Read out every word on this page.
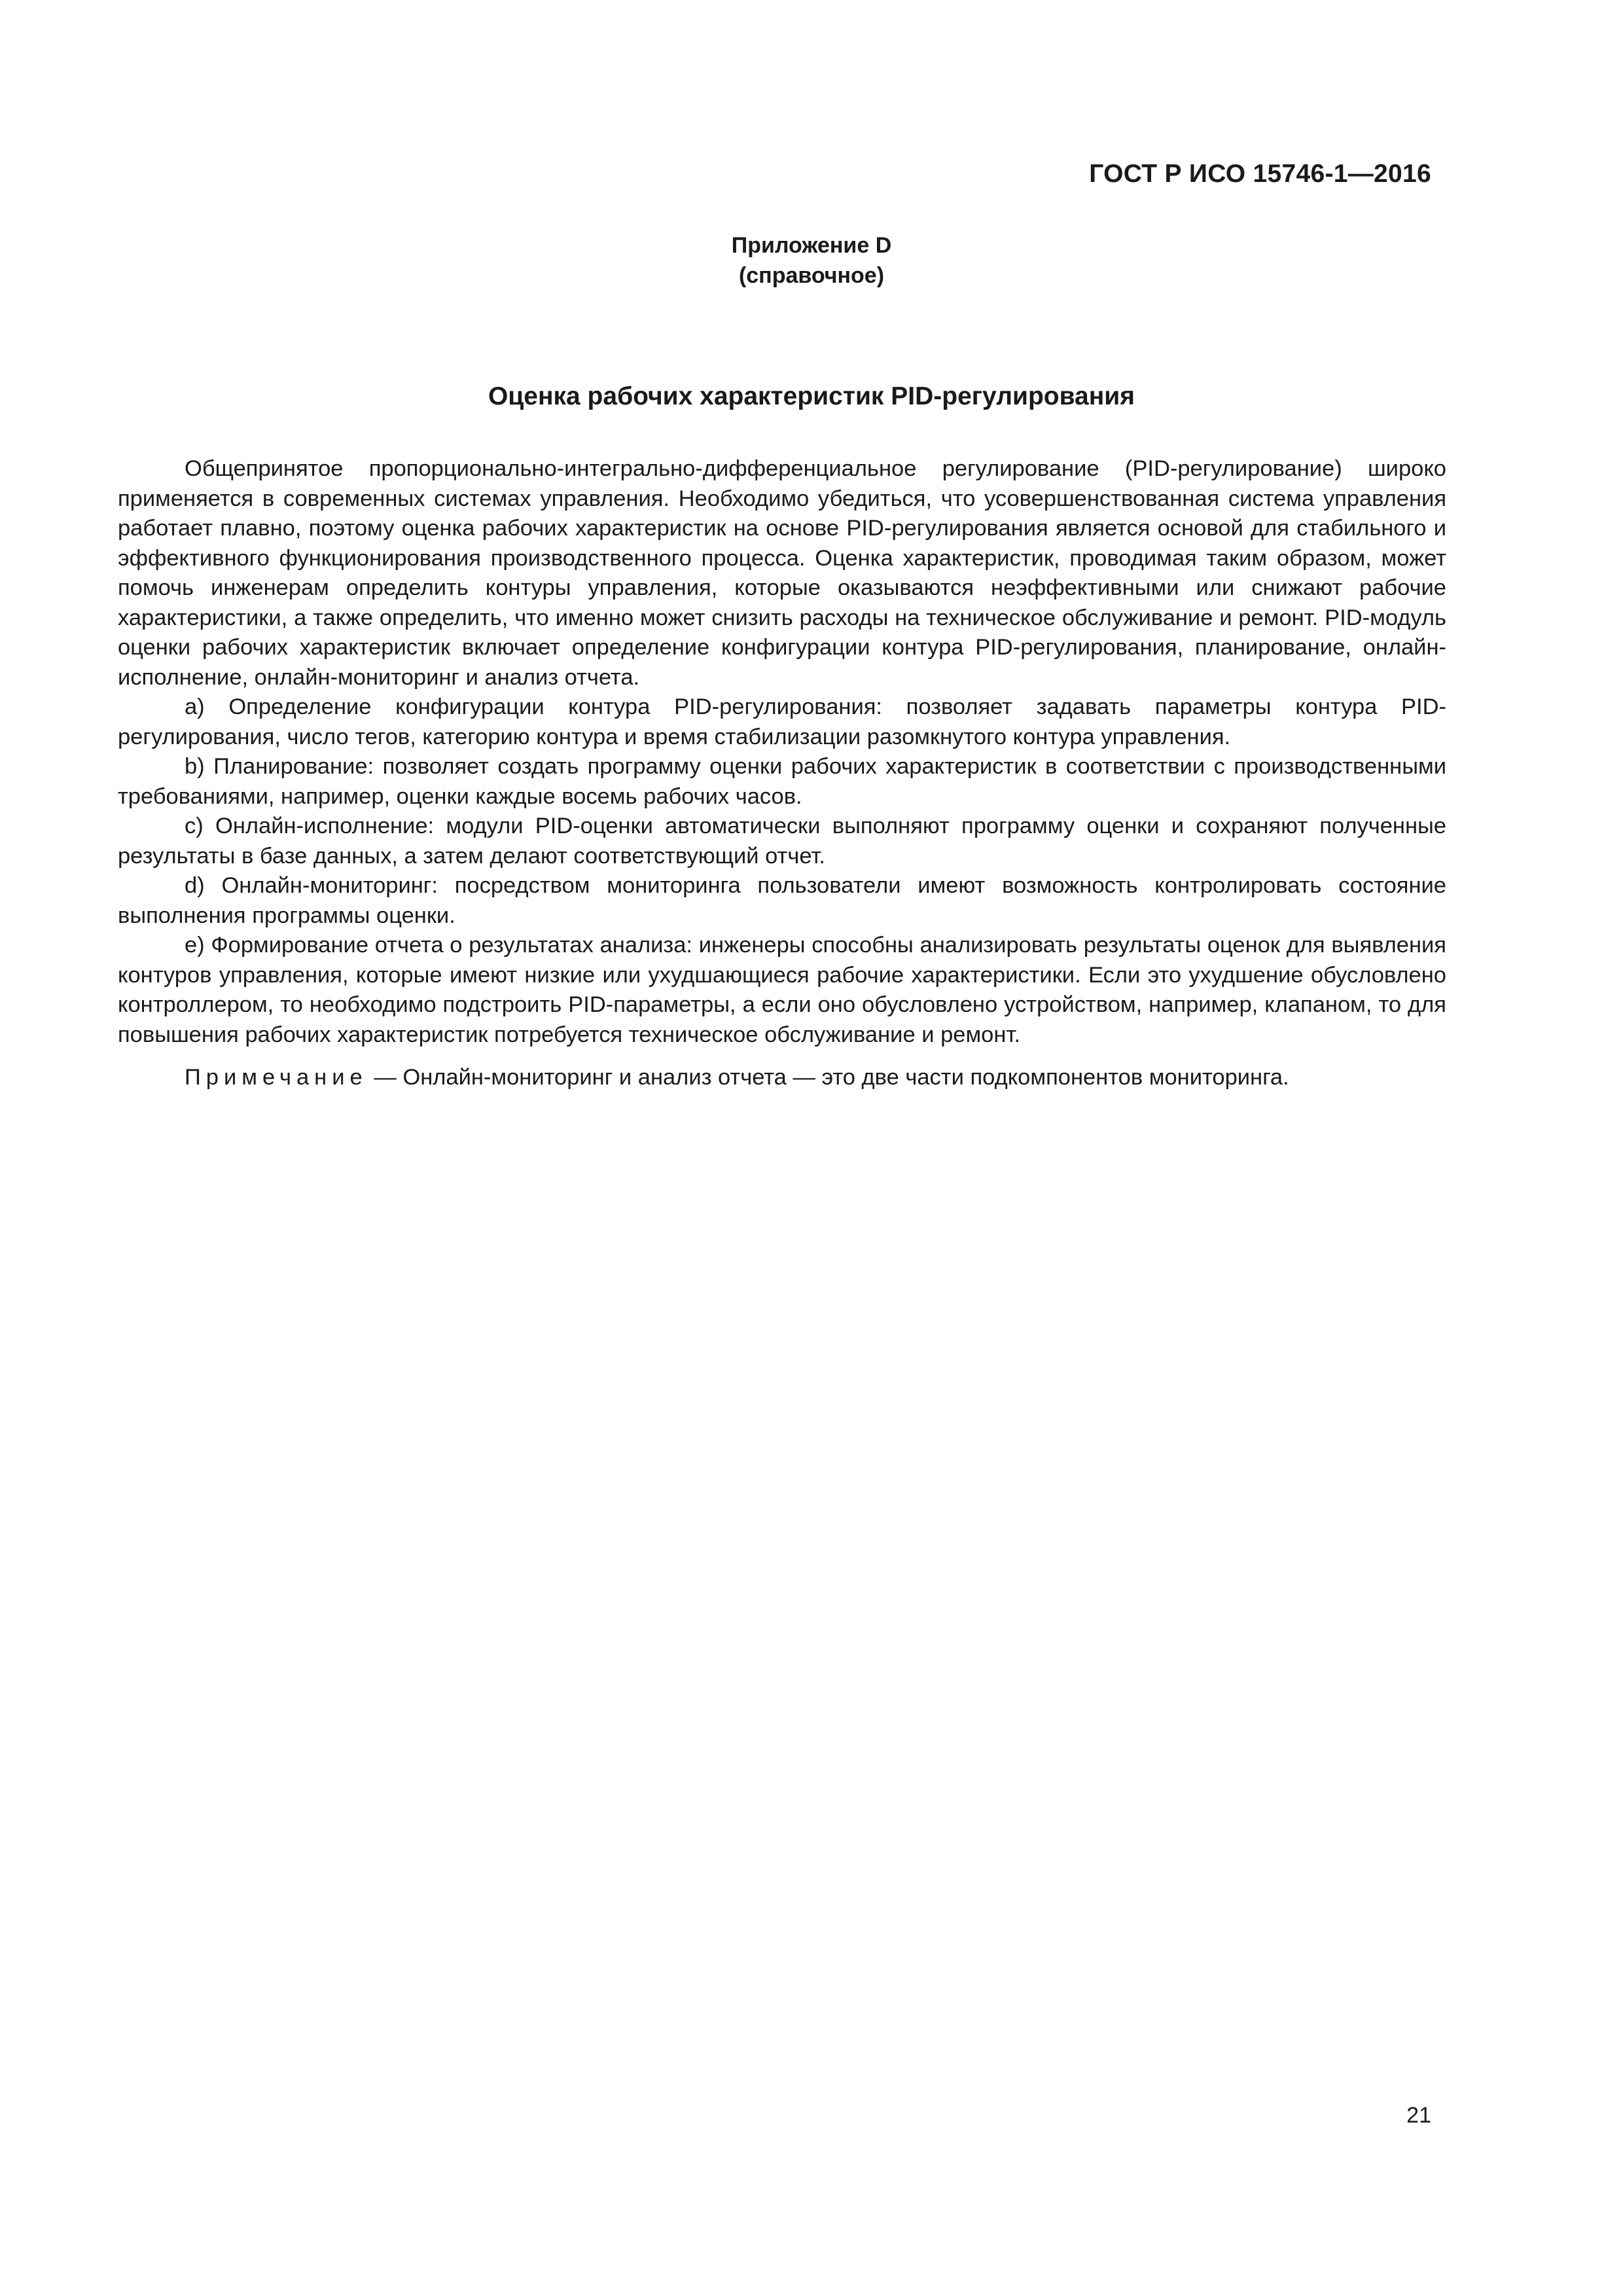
ГОСТ Р ИСО 15746-1—2016
Приложение D
(справочное)
Оценка рабочих характеристик PID-регулирования

Общепринятое пропорционально-интегрально-дифференциальное регулирование (PID-регулирование) широко применяется в современных системах управления. Необходимо убедиться, что усовершенствованная система управления работает плавно, поэтому оценка рабочих характеристик на основе PID-регулирования является основой для стабильного и эффективного функционирования производственного процесса. Оценка характеристик, проводимая таким образом, может помочь инженерам определить контуры управления, которые оказываются неэффективными или снижают рабочие характеристики, а также определить, что именно может снизить расходы на техническое обслуживание и ремонт. PID-модуль оценки рабочих характеристик включает определение конфигурации контура PID-регулирования, планирование, онлайн-исполнение, онлайн-мониторинг и анализ отчета.

a) Определение конфигурации контура PID-регулирования: позволяет задавать параметры контура PID-регулирования, число тегов, категорию контура и время стабилизации разомкнутого контура управления.

b) Планирование: позволяет создать программу оценки рабочих характеристик в соответствии с производственными требованиями, например, оценки каждые восемь рабочих часов.

c) Онлайн-исполнение: модули PID-оценки автоматически выполняют программу оценки и сохраняют полученные результаты в базе данных, а затем делают соответствующий отчет.

d) Онлайн-мониторинг: посредством мониторинга пользователи имеют возможность контролировать состояние выполнения программы оценки.

e) Формирование отчета о результатах анализа: инженеры способны анализировать результаты оценок для выявления контуров управления, которые имеют низкие или ухудшающиеся рабочие характеристики. Если это ухудшение обусловлено контроллером, то необходимо подстроить PID-параметры, а если оно обусловлено устройством, например, клапаном, то для повышения рабочих характеристик потребуется техническое обслуживание и ремонт.

Примечание — Онлайн-мониторинг и анализ отчета — это две части подкомпонентов мониторинга.

21
